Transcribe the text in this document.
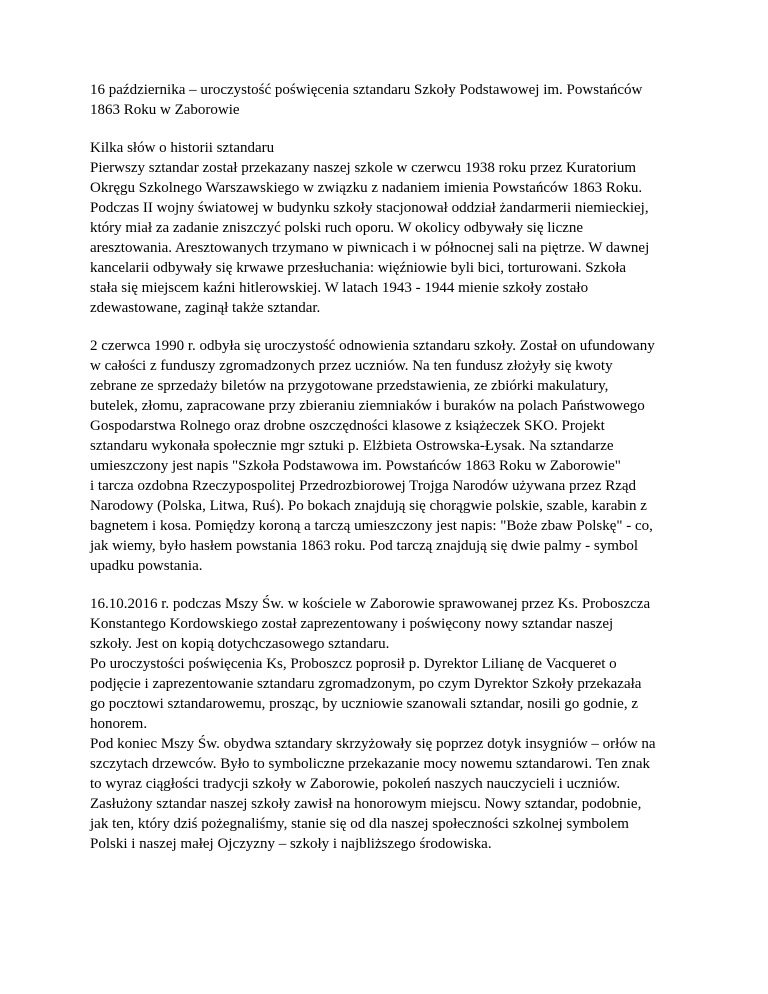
16 października – uroczystość poświęcenia sztandaru Szkoły Podstawowej im. Powstańców
1863 Roku w Zaborowie
Kilka słów o historii sztandaru
Pierwszy sztandar został przekazany naszej szkole w czerwcu 1938 roku przez Kuratorium
Okręgu Szkolnego Warszawskiego w związku z nadaniem imienia Powstańców 1863 Roku.
Podczas II wojny światowej w budynku szkoły stacjonował oddział żandarmerii niemieckiej,
który miał za zadanie zniszczyć polski ruch oporu. W okolicy odbywały się liczne
aresztowania. Aresztowanych trzymano w piwnicach i w północnej sali na piętrze. W dawnej
kancelarii odbywały się krwawe przesłuchania: więźniowie byli bici, torturowani. Szkoła
stała się miejscem kaźni hitlerowskiej. W latach 1943 - 1944 mienie szkoły zostało
zdewastowane, zaginął także sztandar.
2 czerwca 1990 r. odbyła się uroczystość odnowienia sztandaru szkoły. Został on ufundowany
w całości z funduszy zgromadzonych przez uczniów. Na ten fundusz złożyły się kwoty
zebrane ze sprzedaży biletów na przygotowane przedstawienia, ze zbiórki makulatury,
butelek, złomu, zapracowane przy zbieraniu ziemniaków i buraków na polach Państwowego
Gospodarstwa Rolnego oraz drobne oszczędności klasowe z książeczek SKO. Projekt
sztandaru wykonała społecznie mgr sztuki p. Elżbieta Ostrowska-Łysak. Na sztandarze
umieszczony jest napis "Szkoła Podstawowa im. Powstańców 1863 Roku w Zaborowie"
i tarcza ozdobna Rzeczypospolitej Przedrozbiorowej Trojga Narodów używana przez Rząd
Narodowy (Polska, Litwa, Ruś). Po bokach znajdują się chorągwie polskie, szable, karabin z
bagnetem i kosa. Pomiędzy koroną a tarczą umieszczony jest napis: "Boże zbaw Polskę" - co,
jak wiemy, było hasłem powstania 1863 roku. Pod tarczą znajdują się dwie palmy - symbol
upadku powstania.
16.10.2016 r. podczas Mszy Św. w kościele w Zaborowie sprawowanej przez Ks. Proboszcza
Konstantego Kordowskiego został zaprezentowany i poświęcony nowy sztandar naszej
szkoły. Jest on kopią dotychczasowego sztandaru.
Po uroczystości poświęcenia Ks, Proboszcz poprosił p. Dyrektor Lilianę de Vacqueret o
podjęcie i zaprezentowanie sztandaru zgromadzonym, po czym Dyrektor Szkoły przekazała
go pocztowi sztandarowemu, prosząc, by uczniowie szanowali sztandar, nosili go godnie, z
honorem.
Pod koniec Mszy Św. obydwa sztandary skrzyżowały się poprzez dotyk insygniów – orłów na
szczytach drzewców. Było to symboliczne przekazanie mocy nowemu sztandarowi. Ten znak
to wyraz ciągłości tradycji szkoły w Zaborowie, pokoleń naszych nauczycieli i uczniów.
Zasłużony sztandar naszej szkoły zawisł na honorowym miejscu. Nowy sztandar, podobnie,
jak ten, który dziś pożegnaliśmy, stanie się od dla naszej społeczności szkolnej symbolem
Polski i naszej małej Ojczyzny – szkoły i najbliższego środowiska.
